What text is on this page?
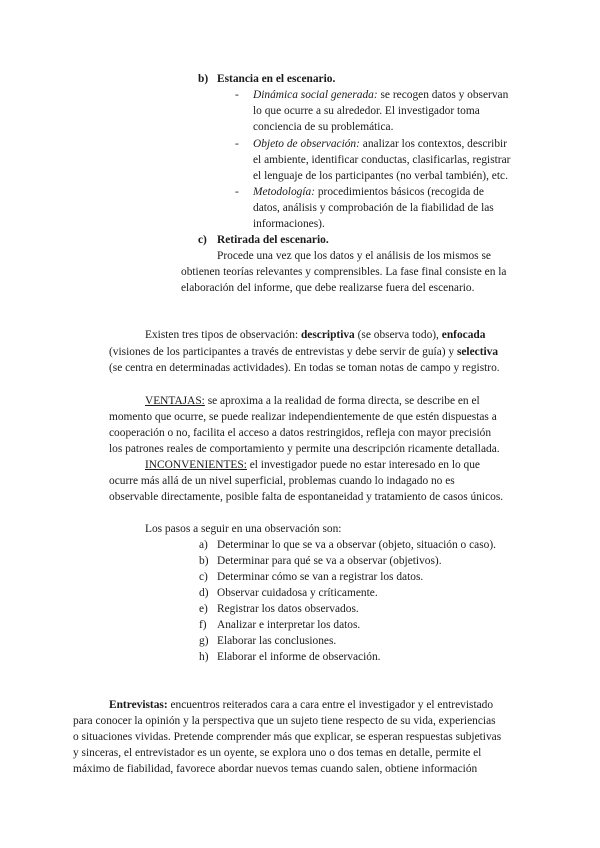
b) Estancia en el escenario.
- Dinámica social generada: se recogen datos y observan
lo que ocurre a su alrededor. El investigador toma
conciencia de su problemática.
- Objeto de observación: analizar los contextos, describir
el ambiente, identificar conductas, clasificarlas, registrar
el lenguaje de los participantes (no verbal también), etc.
- Metodología: procedimientos básicos (recogida de
datos, análisis y comprobación de la fiabilidad de las
informaciones).
c) Retirada del escenario.
Procede una vez que los datos y el análisis de los mismos se
obtienen teorías relevantes y comprensibles. La fase final consiste en la
elaboración del informe, que debe realizarse fuera del escenario.
Existen tres tipos de observación: descriptiva (se observa todo), enfocada
(visiones de los participantes a través de entrevistas y debe servir de guía) y selectiva
(se centra en determinadas actividades). En todas se toman notas de campo y registro.
VENTAJAS: se aproxima a la realidad de forma directa, se describe en el
momento que ocurre, se puede realizar independientemente de que estén dispuestas a
cooperación o no, facilita el acceso a datos restringidos, refleja con mayor precisión
los patrones reales de comportamiento y permite una descripción ricamente detallada.
INCONVENIENTES: el investigador puede no estar interesado en lo que
ocurre más allá de un nivel superficial, problemas cuando lo indagado no es
observable directamente, posible falta de espontaneidad y tratamiento de casos únicos.
Los pasos a seguir en una observación son:
a) Determinar lo que se va a observar (objeto, situación o caso).
b) Determinar para qué se va a observar (objetivos).
c) Determinar cómo se van a registrar los datos.
d) Observar cuidadosa y críticamente.
e) Registrar los datos observados.
f) Analizar e interpretar los datos.
g) Elaborar las conclusiones.
h) Elaborar el informe de observación.
Entrevistas: encuentros reiterados cara a cara entre el investigador y el entrevistado
para conocer la opinión y la perspectiva que un sujeto tiene respecto de su vida, experiencias
o situaciones vividas. Pretende comprender más que explicar, se esperan respuestas subjetivas
y sinceras, el entrevistador es un oyente, se explora uno o dos temas en detalle, permite el
máximo de fiabilidad, favorece abordar nuevos temas cuando salen, obtiene información
